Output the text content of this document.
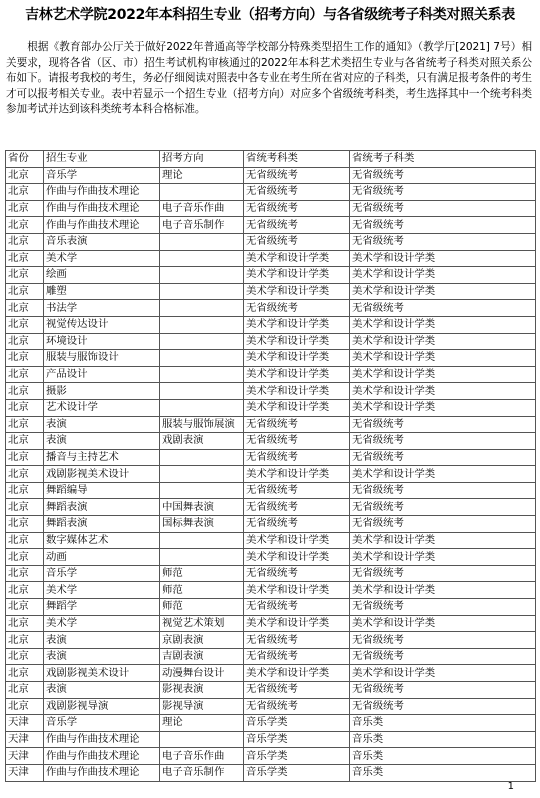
吉林艺术学院2022年本科招生专业（招考方向）与各省级统考子科类对照关系表

根据《教育部办公厅关于做好2022年普通高等学校部分特殊类型招生工作的通知》（教学厅[2021] 7号）相关要求，现将各省（区、市）招生考试机构审核通过的2022年本科艺术类招生专业与各省统考子科类对照关系公布如下。请报考我校的考生，务必仔细阅读对照表中各专业在考生所在省对应的子科类，只有满足报考条件的考生才可以报考相关专业。表中若显示一个招生专业（招考方向）对应多个省级统考科类，考生选择其中一个统考科类参加考试并达到该科类统考本科合格标准。

省份	招生专业	招考方向	省统考科类	省统考子科类
北京	音乐学	理论	无省级统考	无省级统考
北京	作曲与作曲技术理论		无省级统考	无省级统考
北京	作曲与作曲技术理论	电子音乐作曲	无省级统考	无省级统考
北京	作曲与作曲技术理论	电子音乐制作	无省级统考	无省级统考
北京	音乐表演		无省级统考	无省级统考
北京	美术学		美术学和设计学类	美术学和设计学类
北京	绘画		美术学和设计学类	美术学和设计学类
北京	雕塑		美术学和设计学类	美术学和设计学类
北京	书法学		无省级统考	无省级统考
北京	视觉传达设计		美术学和设计学类	美术学和设计学类
北京	环境设计		美术学和设计学类	美术学和设计学类
北京	服装与服饰设计		美术学和设计学类	美术学和设计学类
北京	产品设计		美术学和设计学类	美术学和设计学类
北京	摄影		美术学和设计学类	美术学和设计学类
北京	艺术设计学		美术学和设计学类	美术学和设计学类
北京	表演	服装与服饰展演	无省级统考	无省级统考
北京	表演	戏剧表演	无省级统考	无省级统考
北京	播音与主持艺术		无省级统考	无省级统考
北京	戏剧影视美术设计		美术学和设计学类	美术学和设计学类
北京	舞蹈编导		无省级统考	无省级统考
北京	舞蹈表演	中国舞表演	无省级统考	无省级统考
北京	舞蹈表演	国标舞表演	无省级统考	无省级统考
北京	数字媒体艺术		美术学和设计学类	美术学和设计学类
北京	动画		美术学和设计学类	美术学和设计学类
北京	音乐学	师范	无省级统考	无省级统考
北京	美术学	师范	美术学和设计学类	美术学和设计学类
北京	舞蹈学	师范	无省级统考	无省级统考
北京	美术学	视觉艺术策划	美术学和设计学类	美术学和设计学类
北京	表演	京剧表演	无省级统考	无省级统考
北京	表演	吉剧表演	无省级统考	无省级统考
北京	戏剧影视美术设计	动漫舞台设计	美术学和设计学类	美术学和设计学类
北京	表演	影视表演	无省级统考	无省级统考
北京	戏剧影视导演	影视导演	无省级统考	无省级统考
天津	音乐学	理论	音乐学类	音乐类
天津	作曲与作曲技术理论		音乐学类	音乐类
天津	作曲与作曲技术理论	电子音乐作曲	音乐学类	音乐类
天津	作曲与作曲技术理论	电子音乐制作	音乐学类	音乐类
1
